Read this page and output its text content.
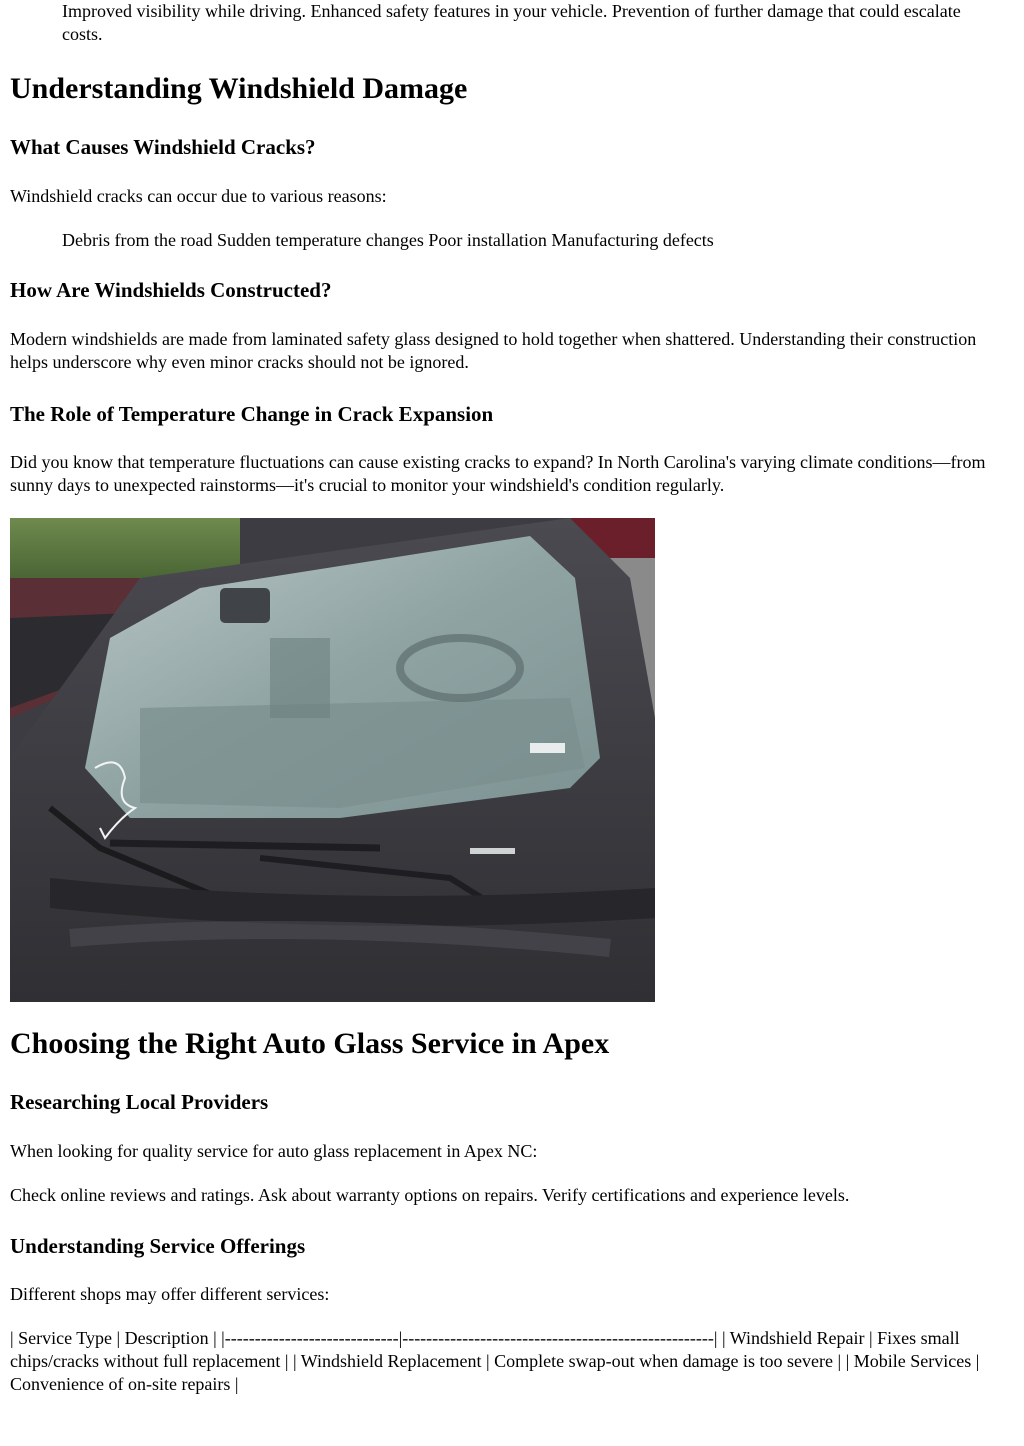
Improved visibility while driving. Enhanced safety features in your vehicle. Prevention of further damage that could escalate costs.

Understanding Windshield Damage
What Causes Windshield Cracks?

Windshield cracks can occur due to various reasons:

Debris from the road Sudden temperature changes Poor installation Manufacturing defects

How Are Windshields Constructed?

Modern windshields are made from laminated safety glass designed to hold together when shattered. Understanding their construction helps underscore why even minor cracks should not be ignored.

The Role of Temperature Change in Crack Expansion

Did you know that temperature fluctuations can cause existing cracks to expand? In North Carolina's varying climate conditions—from sunny days to unexpected rainstorms—it's crucial to monitor your windshield's condition regularly.

Choosing the Right Auto Glass Service in Apex
Researching Local Providers

When looking for quality service for auto glass replacement in Apex NC:

Check online reviews and ratings. Ask about warranty options on repairs. Verify certifications and experience levels.

Understanding Service Offerings

Different shops may offer different services:

| Service Type | Description | |-----------------------------|----------------------------------------------------| | Windshield Repair | Fixes small chips/cracks without full replacement | | Windshield Replacement | Complete swap-out when damage is too severe | | Mobile Services | Convenience of on-site repairs |
